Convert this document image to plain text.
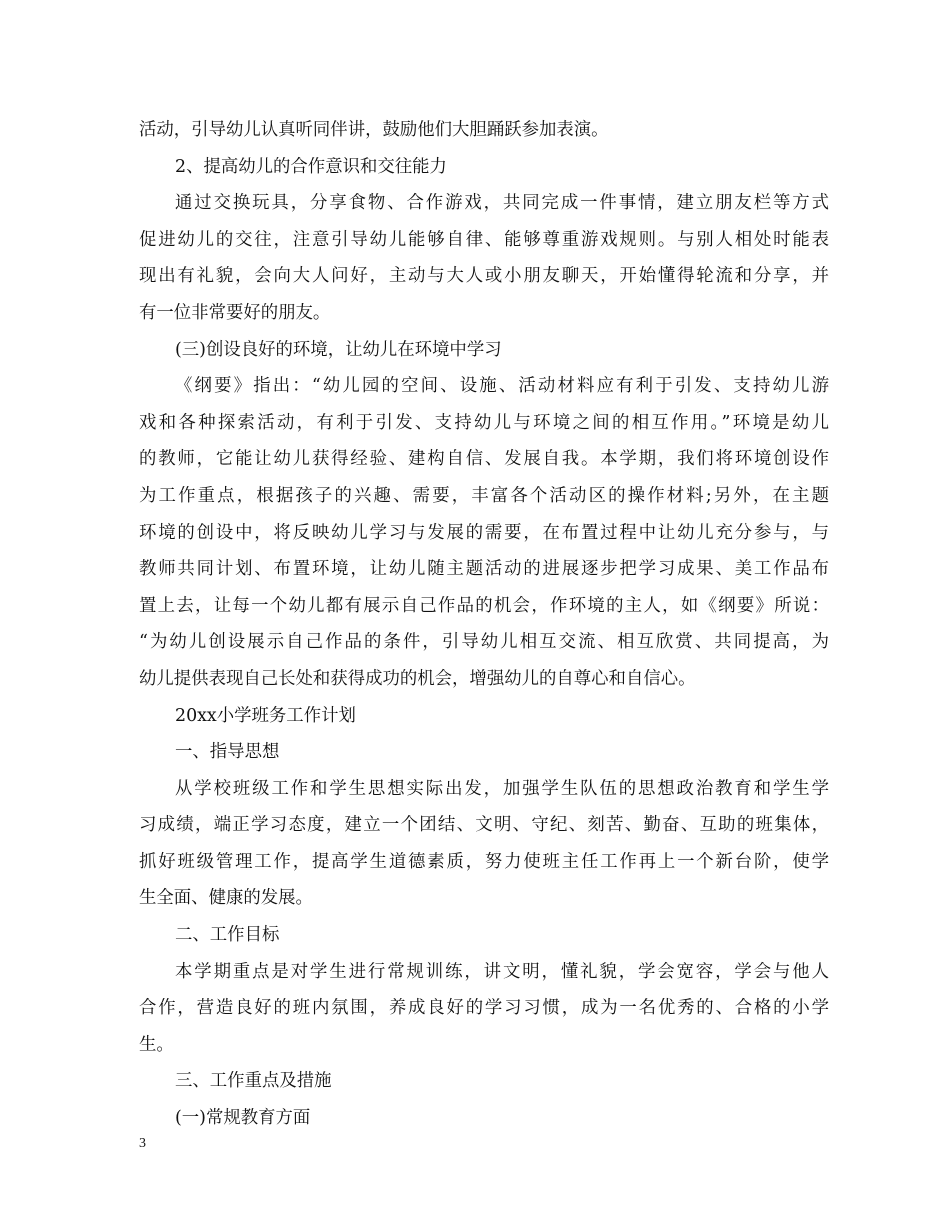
活动，引导幼儿认真听同伴讲，鼓励他们大胆踊跃参加表演。
2、提高幼儿的合作意识和交往能力
通过交换玩具，分享食物、合作游戏，共同完成一件事情，建立朋友栏等方式
促进幼儿的交往，注意引导幼儿能够自律、能够尊重游戏规则。与别人相处时能表
现出有礼貌，会向大人问好，主动与大人或小朋友聊天，开始懂得轮流和分享，并
有一位非常要好的朋友。
(三)创设良好的环境，让幼儿在环境中学习
《纲要》指出：“幼儿园的空间、设施、活动材料应有利于引发、支持幼儿游
戏和各种探索活动，有利于引发、支持幼儿与环境之间的相互作用。”环境是幼儿
的教师，它能让幼儿获得经验、建构自信、发展自我。本学期，我们将环境创设作
为工作重点，根据孩子的兴趣、需要，丰富各个活动区的操作材料;另外，在主题
环境的创设中，将反映幼儿学习与发展的需要，在布置过程中让幼儿充分参与，与
教师共同计划、布置环境，让幼儿随主题活动的进展逐步把学习成果、美工作品布
置上去，让每一个幼儿都有展示自己作品的机会，作环境的主人，如《纲要》所说：
“为幼儿创设展示自己作品的条件，引导幼儿相互交流、相互欣赏、共同提高，为
幼儿提供表现自己长处和获得成功的机会，增强幼儿的自尊心和自信心。
20xx小学班务工作计划
一、指导思想
从学校班级工作和学生思想实际出发，加强学生队伍的思想政治教育和学生学
习成绩，端正学习态度，建立一个团结、文明、守纪、刻苦、勤奋、互助的班集体，
抓好班级管理工作，提高学生道德素质，努力使班主任工作再上一个新台阶，使学
生全面、健康的发展。
二、工作目标
本学期重点是对学生进行常规训练，讲文明，懂礼貌，学会宽容，学会与他人
合作，营造良好的班内氛围，养成良好的学习习惯，成为一名优秀的、合格的小学
生。
三、工作重点及措施
(一)常规教育方面
3
